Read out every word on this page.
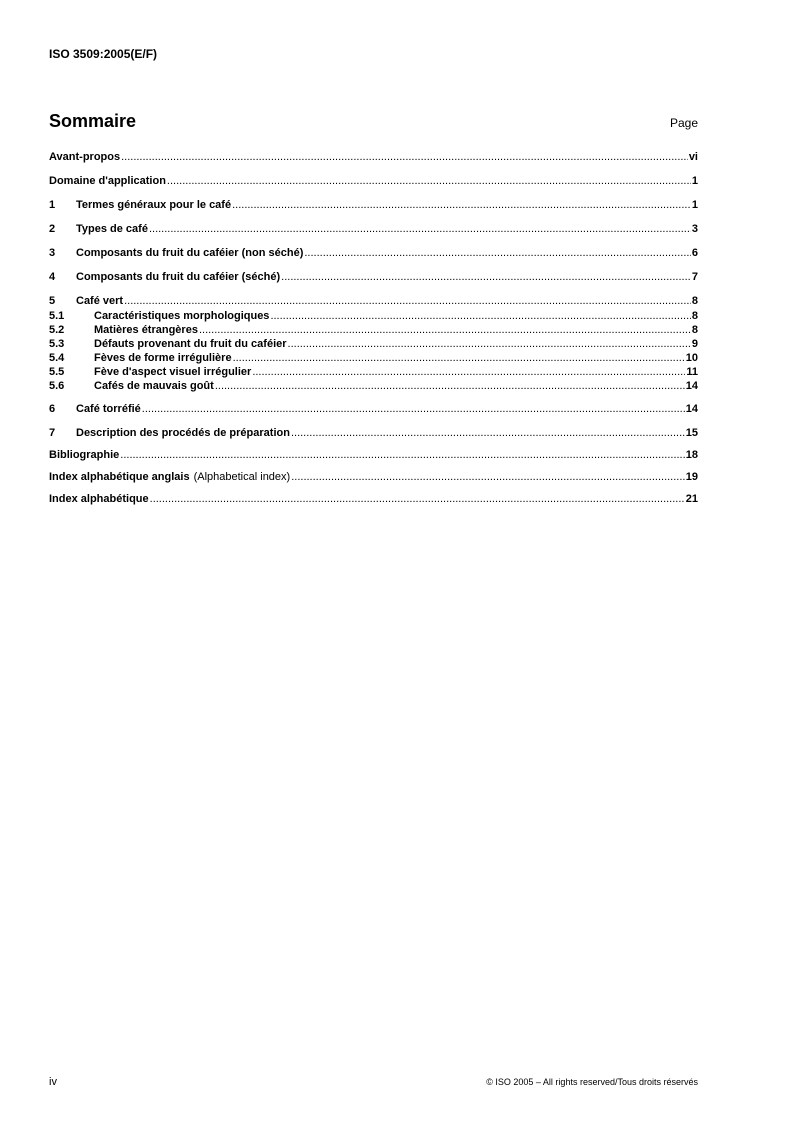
ISO 3509:2005(E/F)
Sommaire	Page
Avant-propos .....	vi
Domaine d'application .....	1
1	Termes généraux pour le café .....	1
2	Types de café .....	3
3	Composants du fruit du caféier (non séché) .....	6
4	Composants du fruit du caféier (séché) .....	7
5	Café vert .....	8
5.1	Caractéristiques morphologiques .....	8
5.2	Matières étrangères .....	8
5.3	Défauts provenant du fruit du caféier .....	9
5.4	Fèves de forme irrégulière .....	10
5.5	Fève d'aspect visuel irrégulier .....	11
5.6	Cafés de mauvais goût .....	14
6	Café torréfié .....	14
7	Description des procédés de préparation .....	15
Bibliographie .....	18
Index alphabétique anglais (Alphabetical index) .....	19
Index alphabétique .....	21
iv	© ISO 2005 – All rights reserved/Tous droits réservés
